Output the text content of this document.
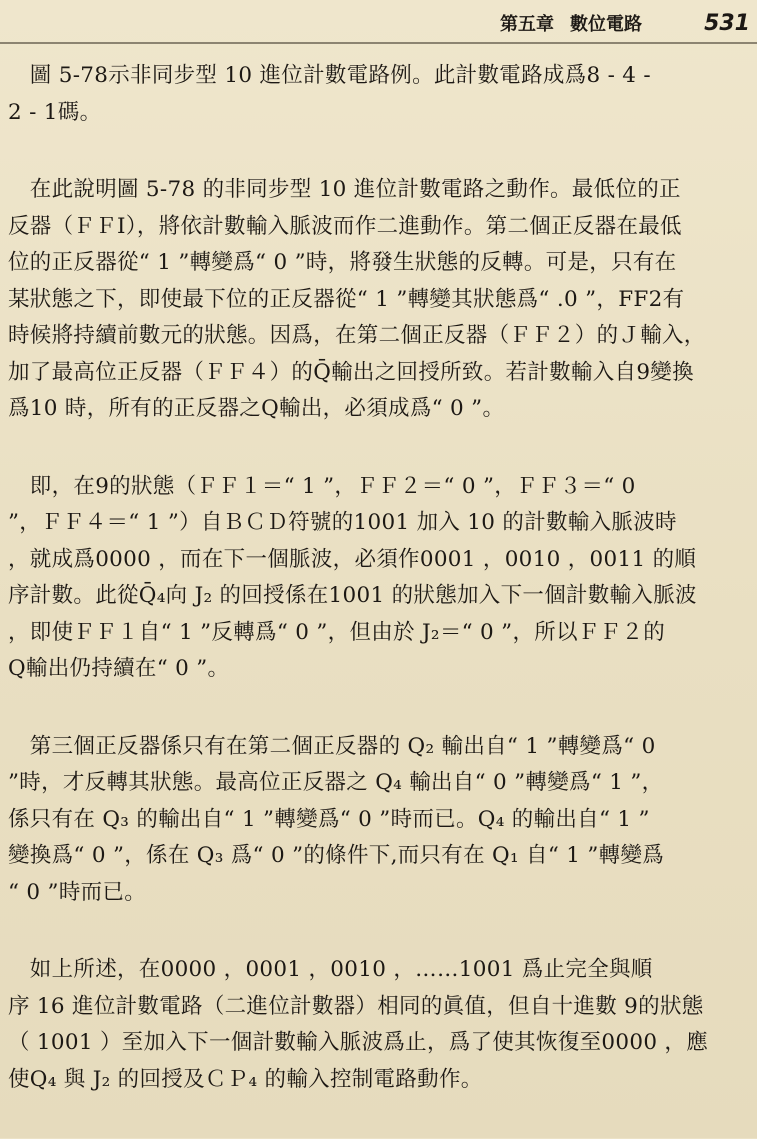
第五章 數位電路	531
　圖 5-78示非同步型 10 進位計數電路例。此計數電路成爲8 - 4 -
2 - 1碼。
　在此說明圖 5-78 的非同步型 10 進位計數電路之動作。最低位的正
反器（ＦＦⅠ），將依計數輸入脈波而作二進動作。第二個正反器在最低
位的正反器從“ 1 ”轉變爲“ 0 ”時，將發生狀態的反轉。可是，只有在
某狀態之下，即使最下位的正反器從“ 1 ”轉變其狀態爲“ .0 ”，FF2有
時候將持續前數元的狀態。因爲，在第二個正反器（ＦＦ２）的Ｊ輸入，
加了最高位正反器（ＦＦ４）的Q̄輸出之回授所致。若計數輸入自9變換
爲10 時，所有的正反器之Q輸出，必須成爲“ 0 ”。
　即，在9的狀態（ＦＦ１＝“ 1 ”，ＦＦ２＝“ 0 ”，ＦＦ３＝“ 0
”，ＦＦ４＝“ 1 ”）自ＢＣＤ符號的1001 加入 10 的計數輸入脈波時
，就成爲0000 ，而在下一個脈波，必須作0001 ，0010 ，0011 的順
序計數。此從Q̄₄向 J₂ 的回授係在1001 的狀態加入下一個計數輸入脈波
，即使ＦＦ１自“ 1 ”反轉爲“ 0 ”，但由於 J₂＝“ 0 ”，所以ＦＦ２的
Q輸出仍持續在“ 0 ”。
　第三個正反器係只有在第二個正反器的 Q₂ 輸出自“ 1 ”轉變爲“ 0
”時，才反轉其狀態。最高位正反器之 Q₄ 輸出自“ 0 ”轉變爲“ 1 ”，
係只有在 Q₃ 的輸出自“ 1 ”轉變爲“ 0 ”時而已。Q₄ 的輸出自“ 1 ”
變換爲“ 0 ”，係在 Q₃ 爲“ 0 ”的條件下,而只有在 Q₁ 自“ 1 ”轉變爲
“ 0 ”時而已。
　如上所述，在0000 ，0001 ，0010 ，……1001 爲止完全與順
序 16 進位計數電路（二進位計數器）相同的眞值，但自十進數 9的狀態
（ 1001 ）至加入下一個計數輸入脈波爲止，爲了使其恢復至0000 ，應
使Q₄ 與 J₂ 的回授及ＣＰ₄ 的輸入控制電路動作。
